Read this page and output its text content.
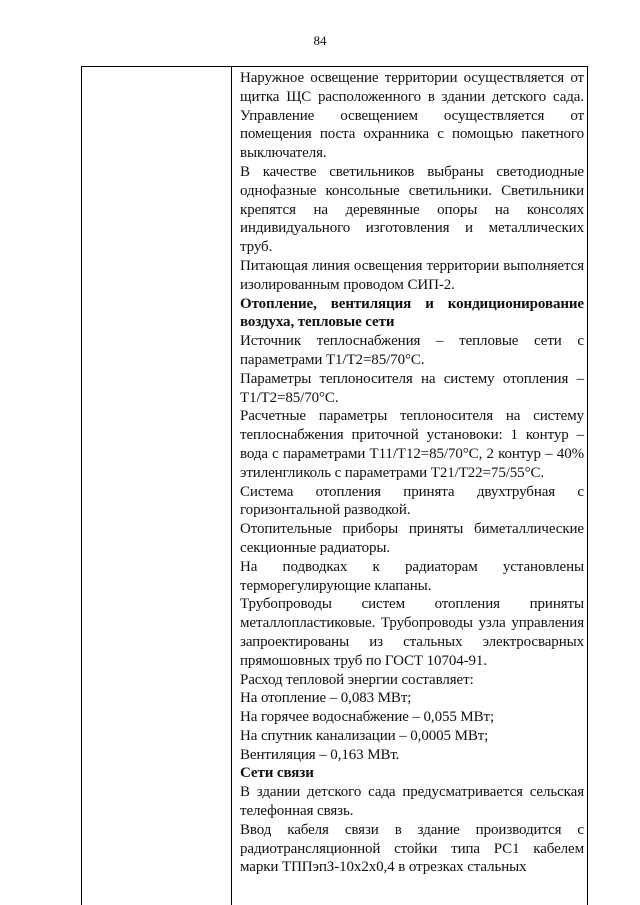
84

Наружное освещение территории осуществляется от щитка ЩС расположенного в здании детского сада. Управление освещением осуществляется от помещения поста охранника с помощью пакетного выключателя.

В качестве светильников выбраны светодиодные однофазные консольные светильники. Светильники крепятся на деревянные опоры на консолях индивидуального изготовления и металлических труб.

Питающая линия освещения территории выполняется изолированным проводом СИП-2.

Отопление, вентиляция и кондиционирование воздуха, тепловые сети

Источник теплоснабжения – тепловые сети с параметрами Т1/Т2=85/70°С.

Параметры теплоносителя на систему отопления – Т1/Т2=85/70°С.

Расчетные параметры теплоносителя на систему теплоснабжения приточной установоки: 1 контур – вода с параметрами Т11/Т12=85/70°С, 2 контур – 40% этиленгликоль с параметрами Т21/Т22=75/55°С.

Система отопления принята двухтрубная с горизонтальной разводкой.

Отопительные приборы приняты биметаллические секционные радиаторы.

На подводках к радиаторам установлены терморегулирующие клапаны.

Трубопроводы систем отопления приняты металлопластиковые. Трубопроводы узла управления запроектированы из стальных электросварных прямошовных труб по ГОСТ 10704-91.

Расход тепловой энергии составляет:

На отопление – 0,083 МВт;

На горячее водоснабжение – 0,055 МВт;

На спутник канализации – 0,0005 МВт;

Вентиляция – 0,163 МВт.

Сети связи

В здании детского сада предусматривается сельская телефонная связь.

Ввод кабеля связи в здание производится с радиотрансляционной стойки типа РС1 кабелем марки ТППэпЗ-10х2х0,4 в отрезках стальных
